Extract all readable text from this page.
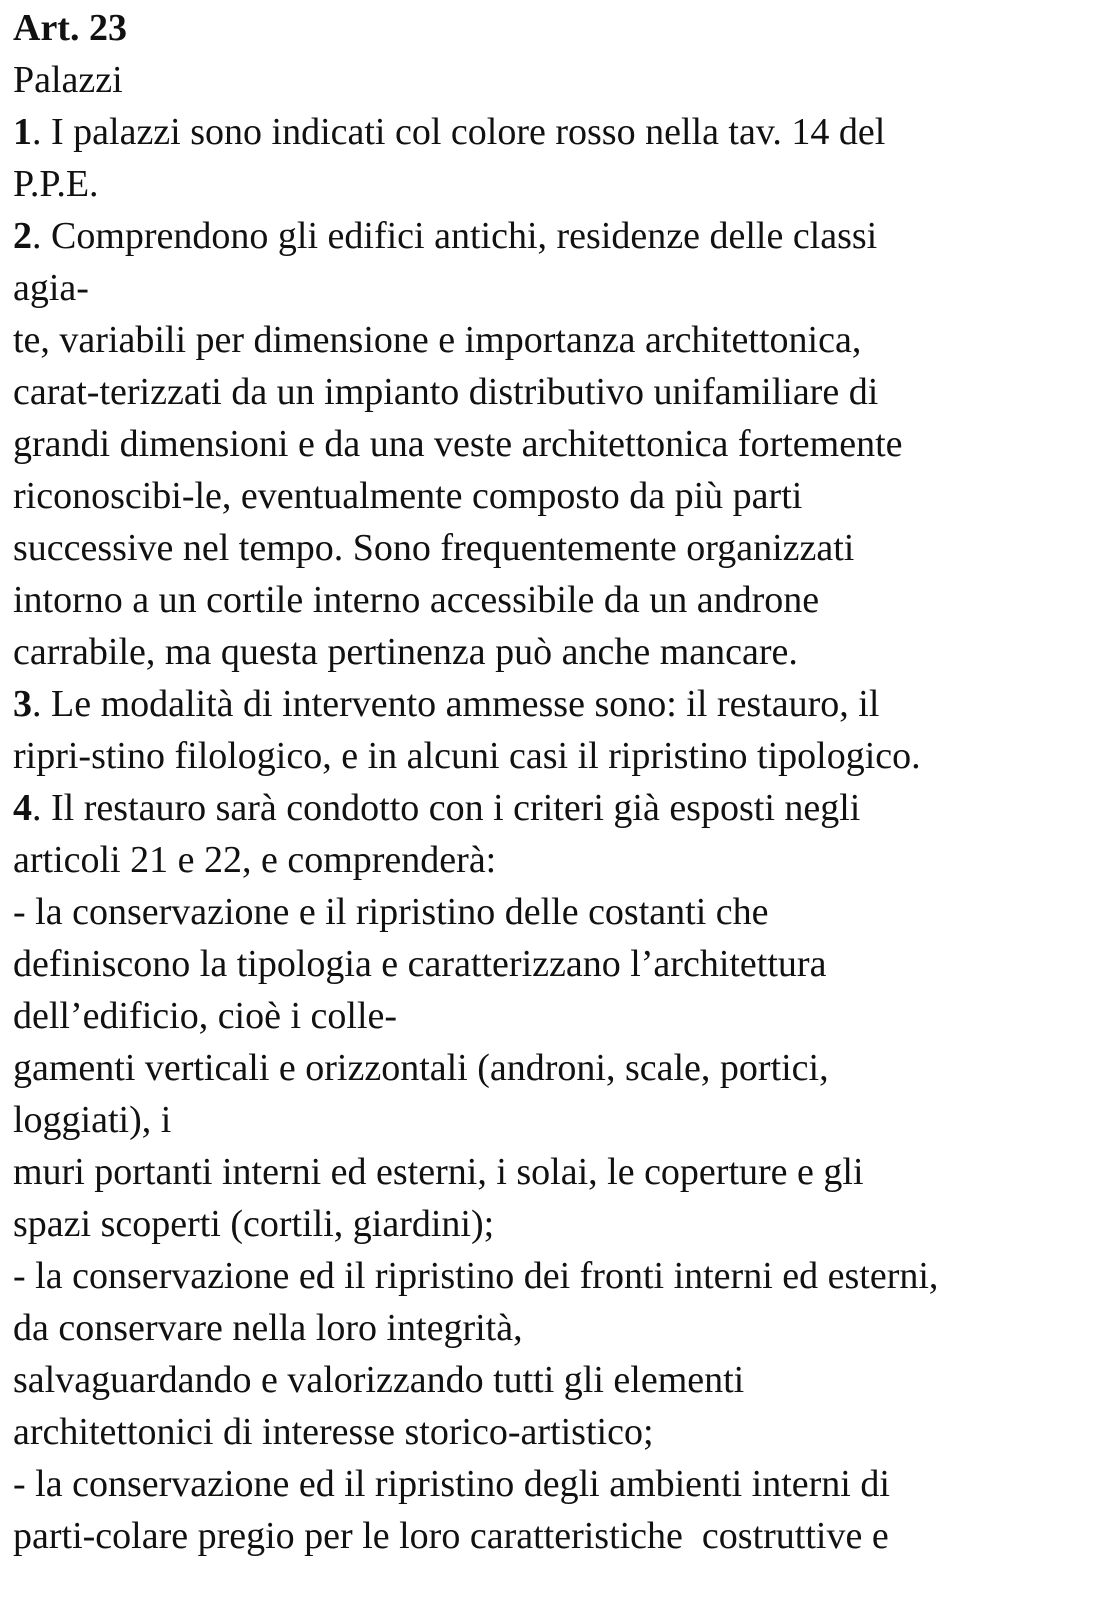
Art. 23
Palazzi
1. I palazzi sono indicati col colore rosso nella tav. 14 del
P.P.E.
2. Comprendono gli edifici antichi, residenze delle classi
agia-
te, variabili per dimensione e importanza architettonica,
carat-terizzati da un impianto distributivo unifamiliare di
grandi dimensioni e da una veste architettonica fortemente
riconoscibi-le, eventualmente composto da più parti
successive nel tempo. Sono frequentemente organizzati
intorno a un cortile interno accessibile da un androne
carrabile, ma questa pertinenza può anche mancare.
3. Le modalità di intervento ammesse sono: il restauro, il
ripri-stino filologico, e in alcuni casi il ripristino tipologico.
4. Il restauro sarà condotto con i criteri già esposti negli
articoli 21 e 22, e comprenderà:
- la conservazione e il ripristino delle costanti che
definiscono la tipologia e caratterizzano l’architettura
dell’edificio, cioè i colle-
gamenti verticali e orizzontali (androni, scale, portici,
loggiati), i
muri portanti interni ed esterni, i solai, le coperture e gli
spazi scoperti (cortili, giardini);
- la conservazione ed il ripristino dei fronti interni ed esterni,
da conservare nella loro integrità,
salvaguardando e valorizzando tutti gli elementi
architettonici di interesse storico-artistico;
- la conservazione ed il ripristino degli ambienti interni di
parti-colare pregio per le loro caratteristiche  costruttive e
